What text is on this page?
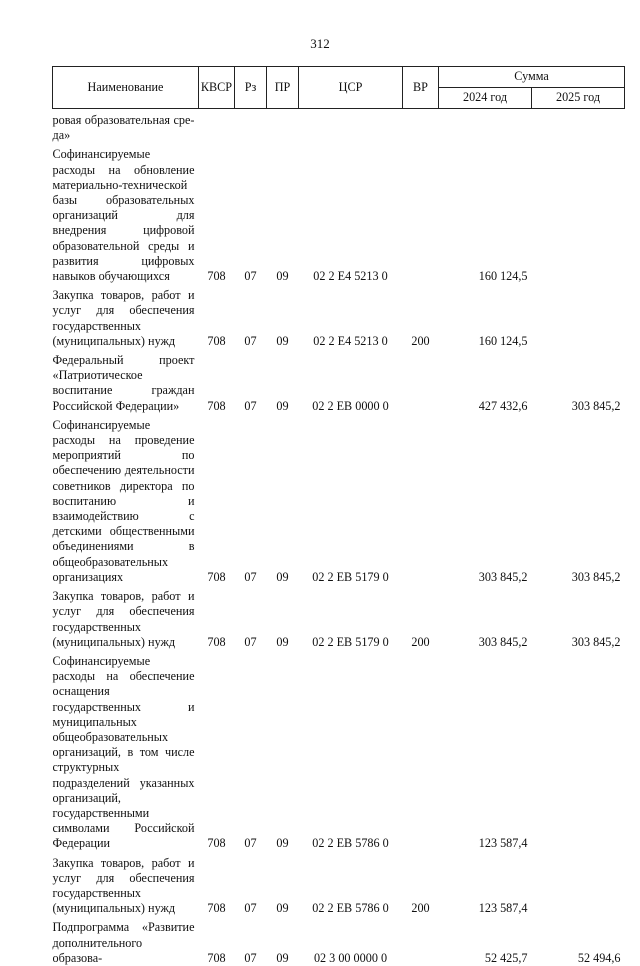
312
Наименование	КВСР	Рз	ПР	ЦСР	ВР	Сумма	
						2024 год	2025 год
ровая образовательная сре-да»							
Софинансируемые расходы на обновление материально-технической базы образовательных организаций для внедрения цифровой образовательной среды и развития цифровых навыков обучающихся	708	07	09	02 2 E4 5213 0		160 124,5	
Закупка товаров, работ и услуг для обеспечения государственных (муниципальных) нужд	708	07	09	02 2 E4 5213 0	200	160 124,5	
Федеральный проект «Патриотическое воспитание граждан Российской Федерации»	708	07	09	02 2 EB 0000 0		427 432,6	303 845,2
Софинансируемые расходы на проведение мероприятий по обеспечению деятельности советников директора по воспитанию и взаимодействию с детскими общественными объединениями в общеобразовательных организациях	708	07	09	02 2 EB 5179 0		303 845,2	303 845,2
Закупка товаров, работ и услуг для обеспечения государственных (муниципальных) нужд	708	07	09	02 2 EB 5179 0	200	303 845,2	303 845,2
Софинансируемые расходы на обеспечение оснащения государственных и муниципальных общеобразовательных организаций, в том числе структурных подразделений указанных организаций, государственными символами Российской Федерации	708	07	09	02 2 EB 5786 0		123 587,4	
Закупка товаров, работ и услуг для обеспечения государственных (муниципальных) нужд	708	07	09	02 2 EB 5786 0	200	123 587,4	
Подпрограмма «Развитие дополнительного образова-	708	07	09	02 3 00 0000 0		52 425,7	52 494,6
